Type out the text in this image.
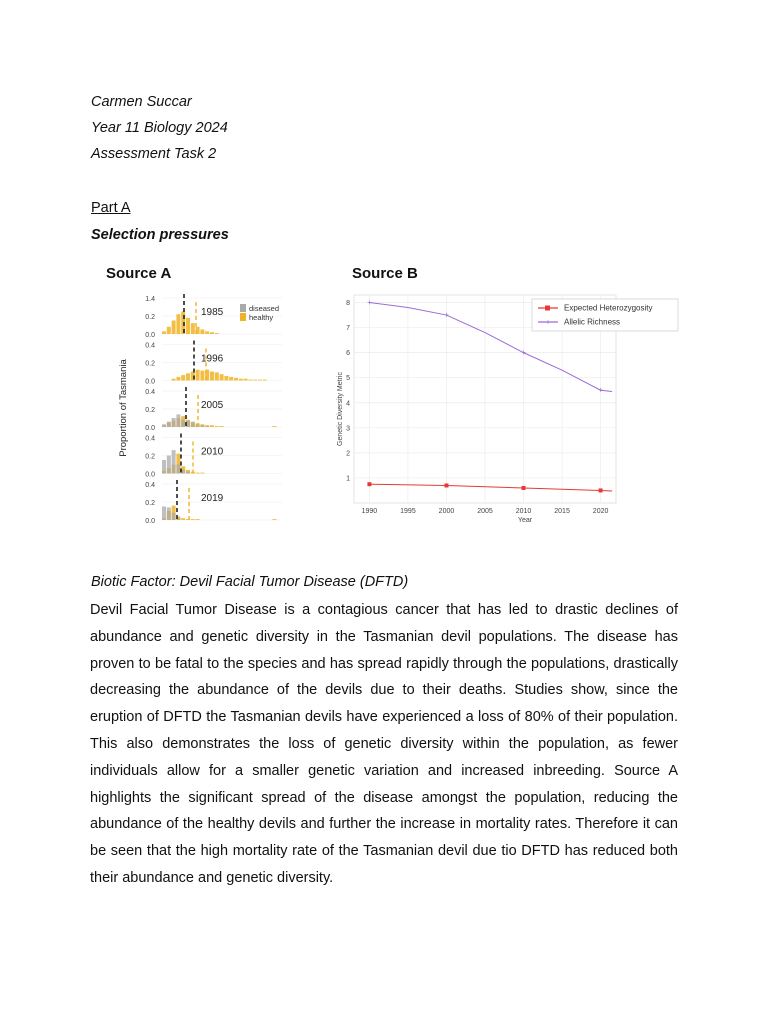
Carmen Succar
Year 11 Biology 2024
Assessment Task 2
Part A
Selection pressures
Source A	Source B
Proportion of Tasmania
1.4
0.2
0.0
1985
0.4
0.2
0.0
1996
0.4
0.2
0.0
2005
0.4
0.2
0.0
2010
0.4
0.2
0.0
2019
diseased
healthy
1990	1995	2000	2005	2010	2015	2020
1
2
3
4
5
6
7
8
Year
Genetic Diversity Metric
+
+
+
+
Expected Heterozygosity
+ Allelic Richness
Biotic Factor: Devil Facial Tumor Disease (DFTD)

Devil Facial Tumor Disease is a contagious cancer that has led to drastic declines of abundance and genetic diversity in the Tasmanian devil populations. The disease has proven to be fatal to the species and has spread rapidly through the populations, drastically decreasing the abundance of the devils due to their deaths. Studies show, since the eruption of DFTD the Tasmanian devils have experienced a loss of 80% of their population. This also demonstrates the loss of genetic diversity within the population, as fewer individuals allow for a smaller genetic variation and increased inbreeding. Source A highlights the significant spread of the disease amongst the population, reducing the abundance of the healthy devils and further the increase in mortality rates. Therefore it can be seen that the high mortality rate of the Tasmanian devil due tio DFTD has reduced both their abundance and genetic diversity.
